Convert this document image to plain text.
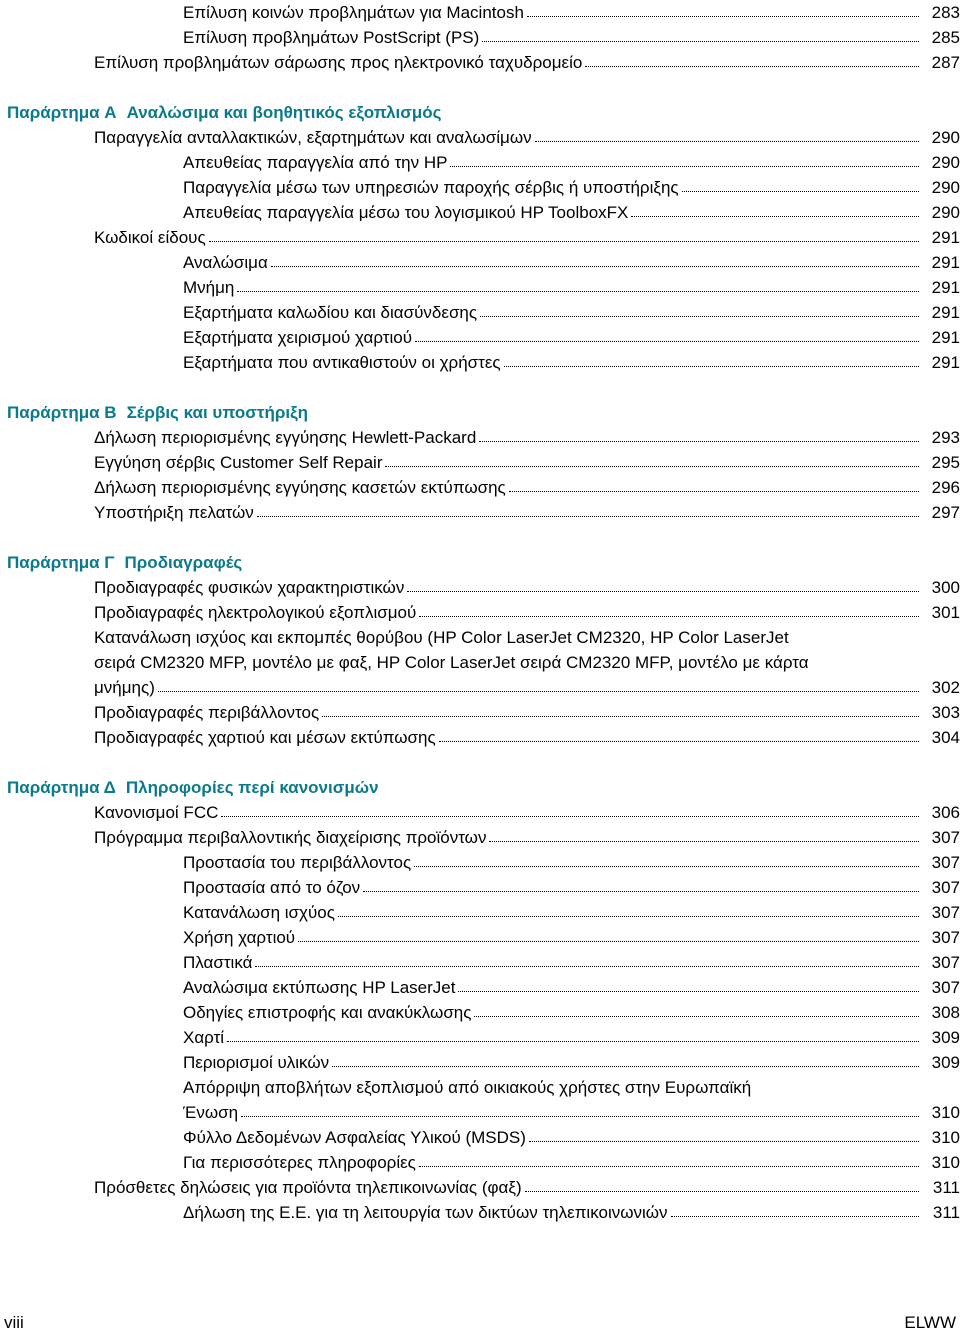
Επίλυση κοινών προβλημάτων για Macintosh	283
Επίλυση προβλημάτων PostScript (PS)	285
Επίλυση προβλημάτων σάρωσης προς ηλεκτρονικό ταχυδρομείο	287
Παράρτημα A Αναλώσιμα και βοηθητικός εξοπλισμός
Παραγγελία ανταλλακτικών, εξαρτημάτων και αναλωσίμων	290
Απευθείας παραγγελία από την HP	290
Παραγγελία μέσω των υπηρεσιών παροχής σέρβις ή υποστήριξης	290
Απευθείας παραγγελία μέσω του λογισμικού HP ToolboxFX	290
Κωδικοί είδους	291
Αναλώσιμα	291
Μνήμη	291
Εξαρτήματα καλωδίου και διασύνδεσης	291
Εξαρτήματα χειρισμού χαρτιού	291
Εξαρτήματα που αντικαθιστούν οι χρήστες	291
Παράρτημα B Σέρβις και υποστήριξη
Δήλωση περιορισμένης εγγύησης Hewlett-Packard	293
Εγγύηση σέρβις Customer Self Repair	295
Δήλωση περιορισμένης εγγύησης κασετών εκτύπωσης	296
Υποστήριξη πελατών	297
Παράρτημα Γ Προδιαγραφές
Προδιαγραφές φυσικών χαρακτηριστικών	300
Προδιαγραφές ηλεκτρολογικού εξοπλισμού	301
Κατανάλωση ισχύος και εκπομπές θορύβου (HP Color LaserJet CM2320, HP Color LaserJet
σειρά CM2320 MFP, μοντέλο με φαξ, HP Color LaserJet σειρά CM2320 MFP, μοντέλο με κάρτα
μνήμης)	302
Προδιαγραφές περιβάλλοντος	303
Προδιαγραφές χαρτιού και μέσων εκτύπωσης	304
Παράρτημα Δ Πληροφορίες περί κανονισμών
Κανονισμοί FCC	306
Πρόγραμμα περιβαλλοντικής διαχείρισης προϊόντων	307
Προστασία του περιβάλλοντος	307
Προστασία από το όζον	307
Κατανάλωση ισχύος	307
Χρήση χαρτιού	307
Πλαστικά	307
Αναλώσιμα εκτύπωσης HP LaserJet	307
Οδηγίες επιστροφής και ανακύκλωσης	308
Χαρτί	309
Περιορισμοί υλικών	309
Απόρριψη αποβλήτων εξοπλισμού από οικιακούς χρήστες στην Ευρωπαϊκή
Ένωση	310
Φύλλο Δεδομένων Ασφαλείας Υλικού (MSDS)	310
Για περισσότερες πληροφορίες	310
Πρόσθετες δηλώσεις για προϊόντα τηλεπικοινωνίας (φαξ)	311
Δήλωση της Ε.Ε. για τη λειτουργία των δικτύων τηλεπικοινωνιών	311
viii	ELWW
